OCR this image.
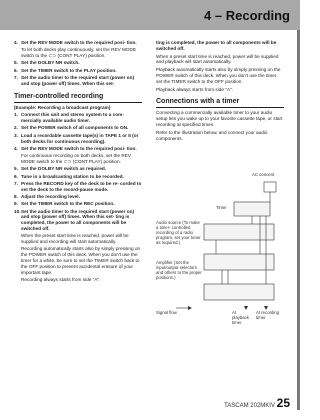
4 – Recording
4. Set the REV MODE switch to the required posi- tion.
To let both decks play continuously, set the REV MODE switch to the ⊂⊃ (CONT PLAY) position.
5. Set the DOLBY NR switch.
6. Set the TIMER switch to the PLAY position.
7. Set the audio timer to the required start (power on) and stop (power off) times. When this set-
Timer-controlled recording
(Example: Recording a broadcast program)
1. Connect this unit and stereo system to a com- mercially available audio timer.
2. Set the POWER switch of all components to ON.
3. Load a recordable cassette tape(s) in TAPE 1 or II (or both decks for continuous recording).
4. Set the REV MODE switch to the required posi- tion.
For continuous recording on both decks, set the REV MODE switch to the ⊂⊃ (CONT PLAY) position.
5. Set the DOLBY NR switch as required.
6. Tune in a broadcasting station to be recorded.
7. Press the RECORD key of the deck to be re- corded to set the deck to the record-pause mode.
8. Adjust the recording level.
9. Set the TIMER switch to the REC position.
10. Set the audio timer to the required start (power on) and stop (power off) times. When this set- ting is completed, the power to all components will be switched off.
When the preset start time is reached, power will be supplied and recording will start automatically.
Recording automatically starts also by simply pressing on the POWER switch of this deck. When you don't use the timer for a while, be sure to set the TIMER switch back to the OFF position to prevent accidental erasure of your important tape.
Recording always starts from side "A".
ting is completed, the power to all components will be switched off.
When a preset start time is reached, power will be supplied and playback will start automatically.
Playback automatically starts also by simply pressing on the POWER switch of this deck. When you don't use the timer, set the TIMER switch to the OFF position.
Playback always starts from side "A".
Connections with a timer
Connecting a commercially available timer to your audio setup lets you wake up to your favorite cassette tape, or start recording at specified times.
Refer to the illustration below, and connect your audio components.
AC concent
Timer
Audio source (To make a timer- controlled recording of a radio program, set your tuner as required.)
Amplifier (Set the input/output selectors and others to the proper positions.)
Signal flow	At playback timer
At recording timer
TASCAM 202MKIV 25
